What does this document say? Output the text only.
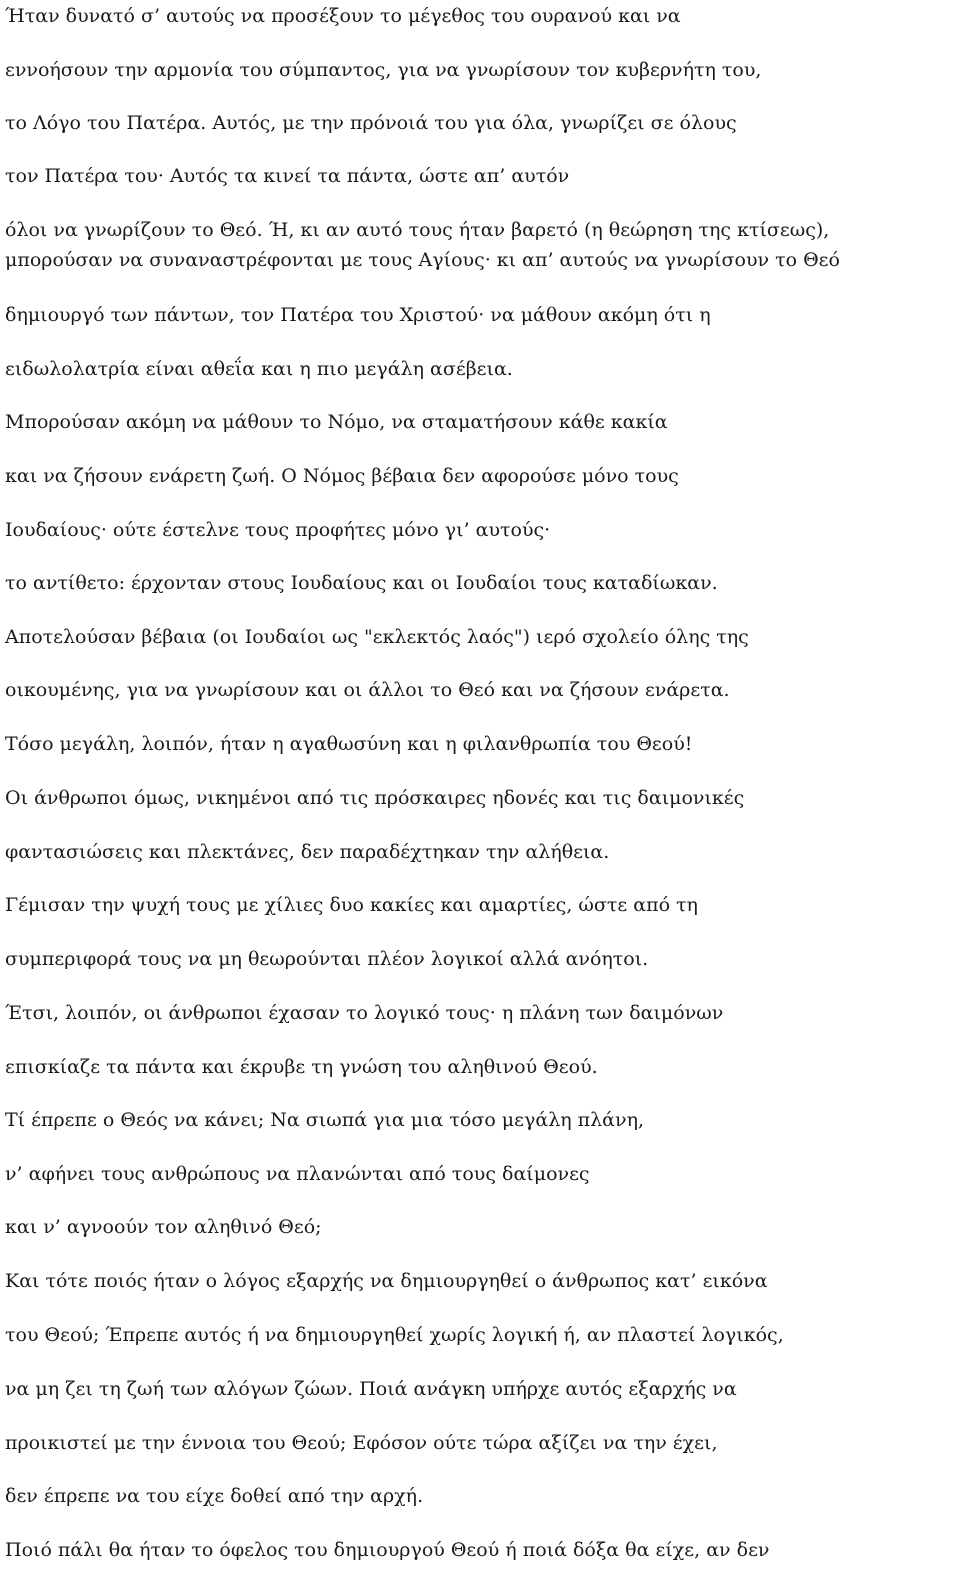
Ήταν δυνατό σ’ αυτούς να προσέξουν το μέγεθος του ουρανού και να

εννοήσουν την αρμονία του σύμπαντος, για να γνωρίσουν τον κυβερνήτη του,

το Λόγο του Πατέρα. Αυτός, με την πρόνοιά του για όλα, γνωρίζει σε όλους

τον Πατέρα του· Αυτός τα κινεί τα πάντα, ώστε απ’ αυτόν

όλοι να γνωρίζουν το Θεό. Ή, κι αν αυτό τους ήταν βαρετό (η θεώρηση της κτίσεως),

μπορούσαν να συναναστρέφονται με τους Αγίους· κι απ’ αυτούς να γνωρίσουν το Θεό

δημιουργό των πάντων, τον Πατέρα του Χριστού· να μάθουν ακόμη ότι η

ειδωλολατρία είναι αθεΐα και η πιο μεγάλη ασέβεια.

Μπορούσαν ακόμη να μάθουν το Νόμο, να σταματήσουν κάθε κακία

και να ζήσουν ενάρετη ζωή. Ο Νόμος βέβαια δεν αφορούσε μόνο τους

Ιουδαίους· ούτε έστελνε τους προφήτες μόνο γι’ αυτούς·

το αντίθετο: έρχονταν στους Ιουδαίους και οι Ιουδαίοι τους καταδίωκαν.

Αποτελούσαν βέβαια (οι Ιουδαίοι ως "εκλεκτός λαός") ιερό σχολείο όλης της

οικουμένης, για να γνωρίσουν και οι άλλοι το Θεό και να ζήσουν ενάρετα.

Τόσο μεγάλη, λοιπόν, ήταν η αγαθωσύνη και η φιλανθρωπία του Θεού!

Οι άνθρωποι όμως, νικημένοι από τις πρόσκαιρες ηδονές και τις δαιμονικές

φαντασιώσεις και πλεκτάνες, δεν παραδέχτηκαν την αλήθεια.

Γέμισαν την ψυχή τους με χίλιες δυο κακίες και αμαρτίες, ώστε από τη

συμπεριφορά τους να μη θεωρούνται πλέον λογικοί αλλά ανόητοι.

Έτσι, λοιπόν, οι άνθρωποι έχασαν το λογικό τους· η πλάνη των δαιμόνων

επισκίαζε τα πάντα και έκρυβε τη γνώση του αληθινού Θεού.

Τί έπρεπε ο Θεός να κάνει; Να σιωπά για μια τόσο μεγάλη πλάνη,

ν’ αφήνει τους ανθρώπους να πλανώνται από τους δαίμονες

και ν’ αγνοούν τον αληθινό Θεό;

Και τότε ποιός ήταν ο λόγος εξαρχής να δημιουργηθεί ο άνθρωπος κατ’ εικόνα

του Θεού; Έπρεπε αυτός ή να δημιουργηθεί χωρίς λογική ή, αν πλαστεί λογικός,

να μη ζει τη ζωή των αλόγων ζώων. Ποιά ανάγκη υπήρχε αυτός εξαρχής να

προικιστεί με την έννοια του Θεού; Εφόσον ούτε τώρα αξίζει να την έχει,

δεν έπρεπε να του είχε δοθεί από την αρχή.

Ποιό πάλι θα ήταν το όφελος του δημιουργού Θεού ή ποιά δόξα θα είχε, αν δεν
